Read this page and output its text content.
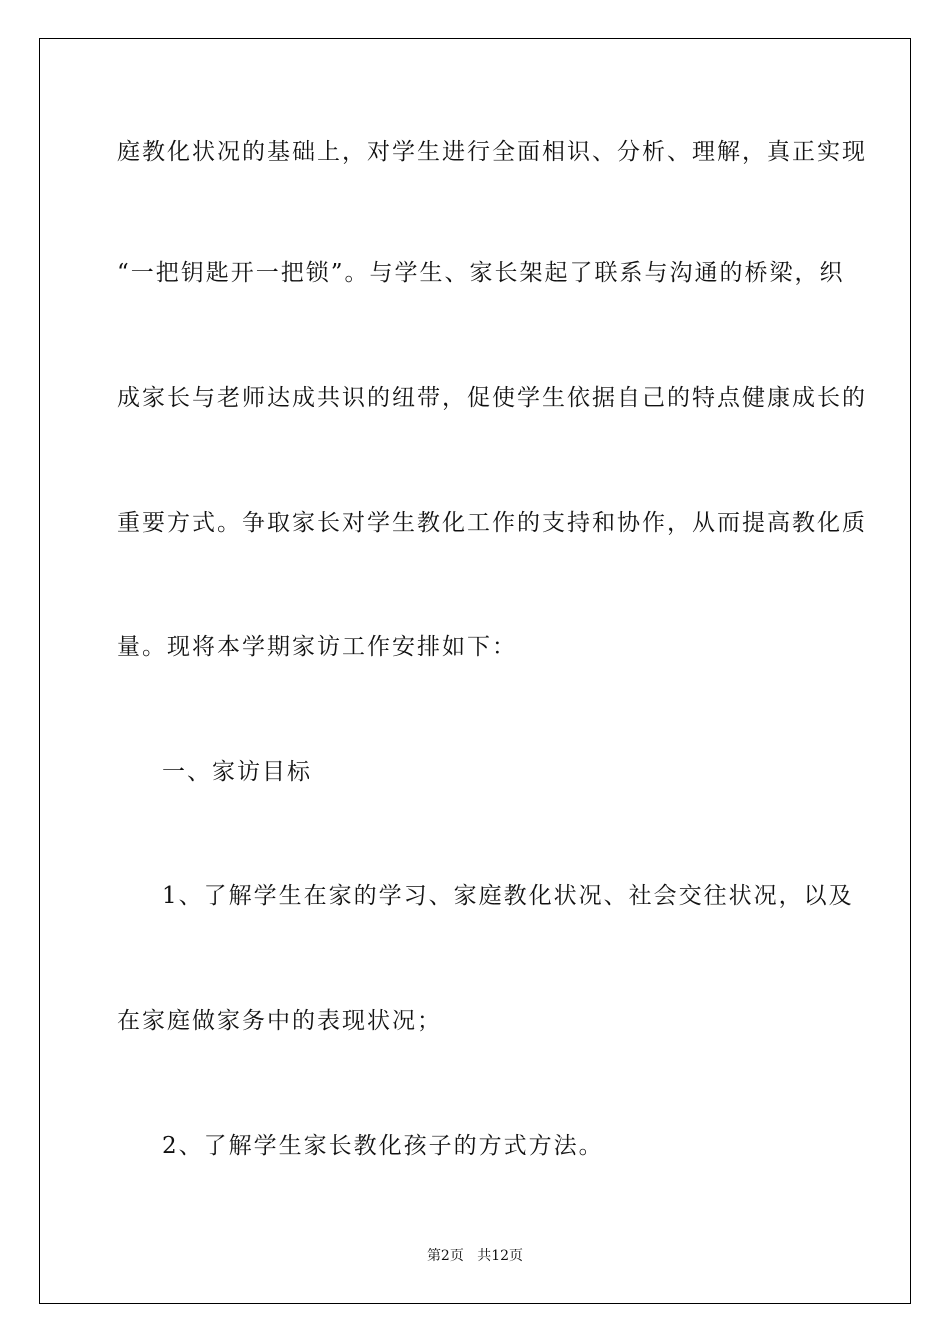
庭教化状况的基础上，对学生进行全面相识、分析、理解，真正实现
“一把钥匙开一把锁”。与学生、家长架起了联系与沟通的桥梁，织
成家长与老师达成共识的纽带，促使学生依据自己的特点健康成长的
重要方式。争取家长对学生教化工作的支持和协作，从而提高教化质
量。现将本学期家访工作安排如下：
一、家访目标
1、了解学生在家的学习、家庭教化状况、社会交往状况，以及
在家庭做家务中的表现状况；
2、了解学生家长教化孩子的方式方法。
第2页 共12页
